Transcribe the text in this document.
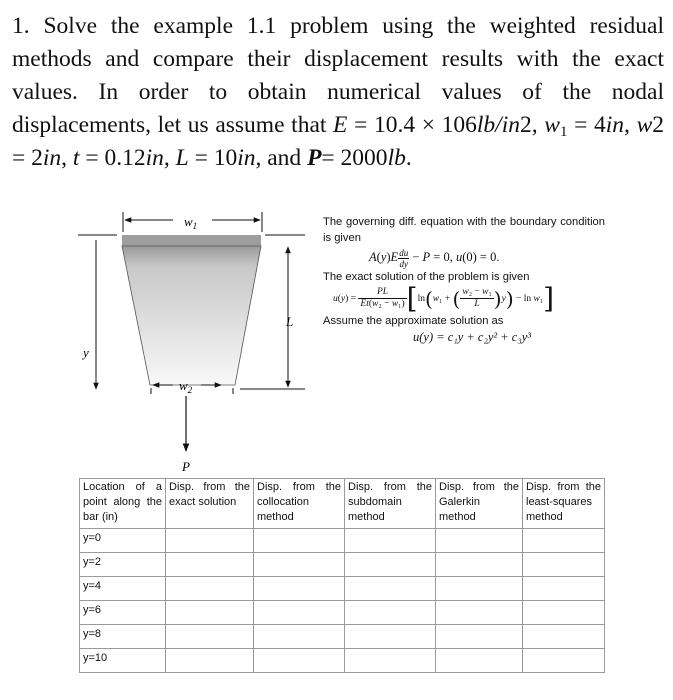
1. Solve the example 1.1 problem using the weighted residual methods and compare their displacement results with the exact values. In order to obtain numerical values of the nodal displacements, let us assume that E = 10.4 × 106lb/in2, $w_1 = 4in$, w2 = 2in, t = 0.12in, L = 10in, and P= 2000lb.

$w_1$
L
y
$w_2$
P

The governing diff. equation with the boundary condition is given

$A(y)E \frac{du}{dy} - P = 0$, u(0) = 0.

The exact solution of the problem is given

$u(y) = \frac{PL}{\text{Et(w₂ − w₁)}} [\ln(w_1$ + ( $\frac{\text{w₂ − w₁}}{L} )y) - \ln w_1$]

Assume the approximate solution as

u(y) = c₁y + c₂y² + c₃y³

Location of a point along the bar (in)	Disp. from the exact solution	Disp. from the collocation method	Disp. from the subdomain method	Disp. from the Galerkin method	Disp. from the least-squares method
y=0					
y=2					
y=4					
y=6					
y=8					
y=10					
